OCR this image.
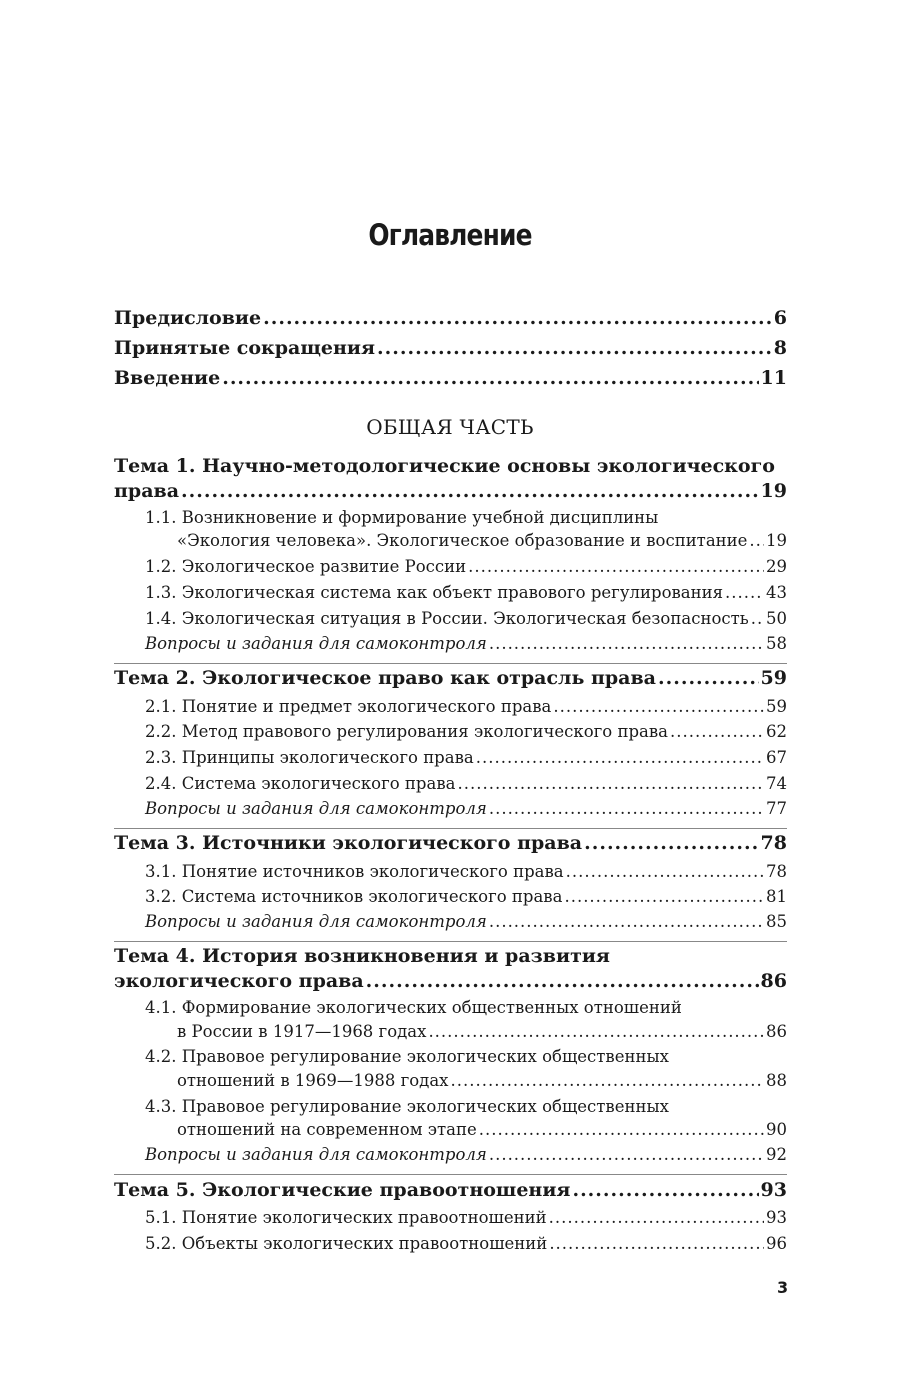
Оглавление
Предисловие .....	6
Принятые сокращения .....	8
Введение .....	11
ОБЩАЯ ЧАСТЬ
Тема 1. Научно-методологические основы экологического
права .....	19
1.1. Возникновение и формирование учебной дисциплины
«Экология человека». Экологическое образование и воспитание ..... 19
1.2. Экологическое развитие России .....	29
1.3. Экологическая система как объект правового регулирования .....	43
1.4. Экологическая ситуация в России. Экологическая безопасность ..... 50
Вопросы и задания для самоконтроля .....	58
Тема 2. Экологическое право как отрасль права .....	59
2.1. Понятие и предмет экологического права .....	59
2.2. Метод правового регулирования экологического права .....	62
2.3. Принципы экологического права .....	67
2.4. Система экологического права .....	74
Вопросы и задания для самоконтроля .....	77
Тема 3. Источники экологического права .....	78
3.1. Понятие источников экологического права .....	78
3.2. Система источников экологического права .....	81
Вопросы и задания для самоконтроля .....	85
Тема 4. История возникновения и развития
экологического права .....	86
4.1. Формирование экологических общественных отношений
в России в 1917—1968 годах .....	86
4.2. Правовое регулирование экологических общественных
отношений в 1969—1988 годах .....	88
4.3. Правовое регулирование экологических общественных
отношений на современном этапе .....	90
Вопросы и задания для самоконтроля .....	92
Тема 5. Экологические правоотношения .....	93
5.1. Понятие экологических правоотношений .....	93
5.2. Объекты экологических правоотношений .....	96
3
